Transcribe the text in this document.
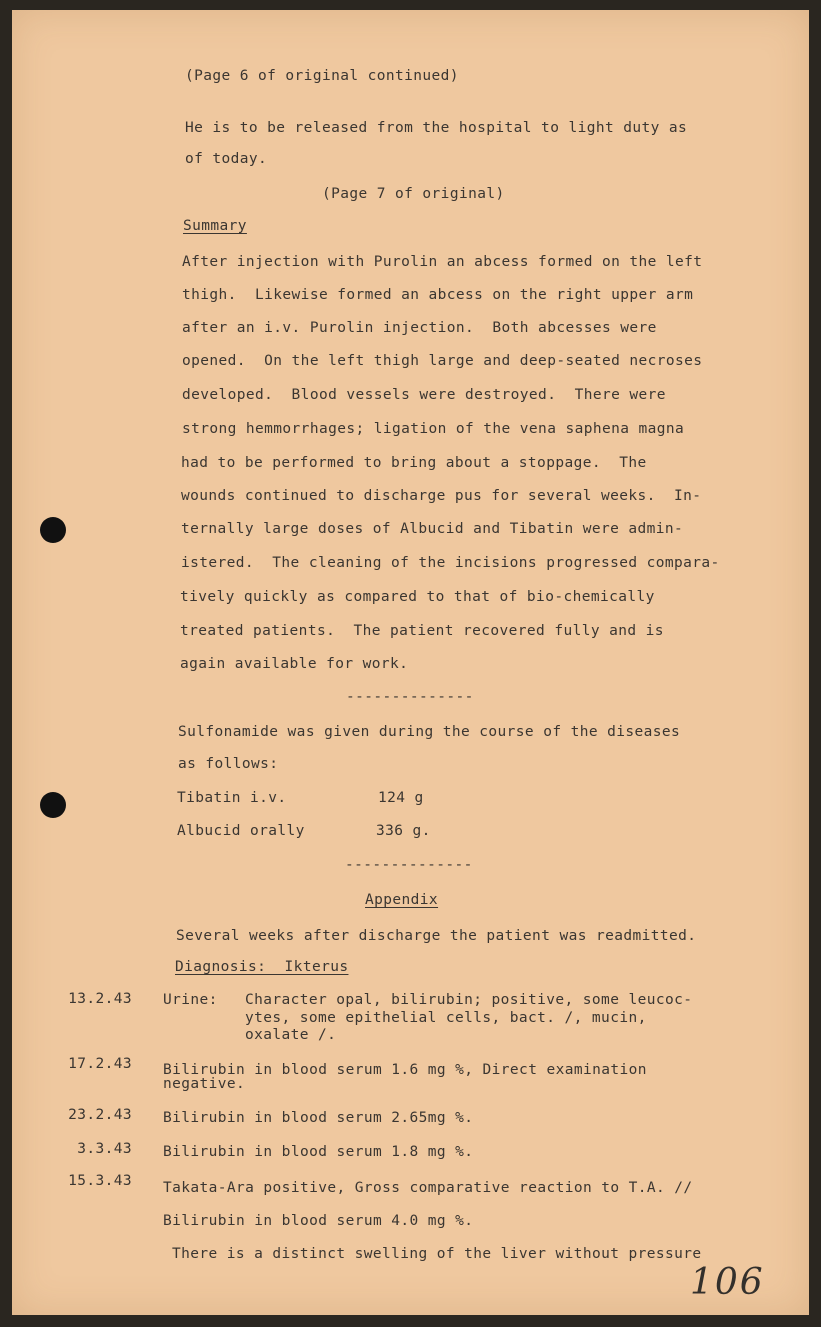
(Page 6 of original continued)

He is to be released from the hospital to light duty as

of today.

(Page 7 of original)

Summary

After injection with Purolin an abcess formed on the left

thigh.  Likewise formed an abcess on the right upper arm

after an i.v. Purolin injection.  Both abcesses were

opened.  On the left thigh large and deep-seated necroses

developed.  Blood vessels were destroyed.  There were

strong hemmorrhages; ligation of the vena saphena magna

had to be performed to bring about a stoppage.  The

wounds continued to discharge pus for several weeks.  In-

ternally large doses of Albucid and Tibatin were admin-

istered.  The cleaning of the incisions progressed compara-

tively quickly as compared to that of bio-chemically

treated patients.  The patient recovered fully and is

again available for work.

--------------

Sulfonamide was given during the course of the diseases

as follows:

Tibatin i.v.	124 g

Albucid orally	336 g.

--------------

Appendix

Several weeks after discharge the patient was readmitted.

Diagnosis:  Ikterus

13.2.43 Urine: Character opal, bilirubin; positive, some leucoc-

ytes, some epithelial cells, bact. ∕, mucin,

oxalate ∕.

17.2.43 Bilirubin in blood serum 1.6 mg %, Direct examination

negative.

23.2.43 Bilirubin in blood serum 2.65mg %.

3.3.43 Bilirubin in blood serum 1.8 mg %.

15.3.43 Takata-Ara positive, Gross comparative reaction to T.A. //

Bilirubin in blood serum 4.0 mg %.

There is a distinct swelling of the liver without pressure

106
